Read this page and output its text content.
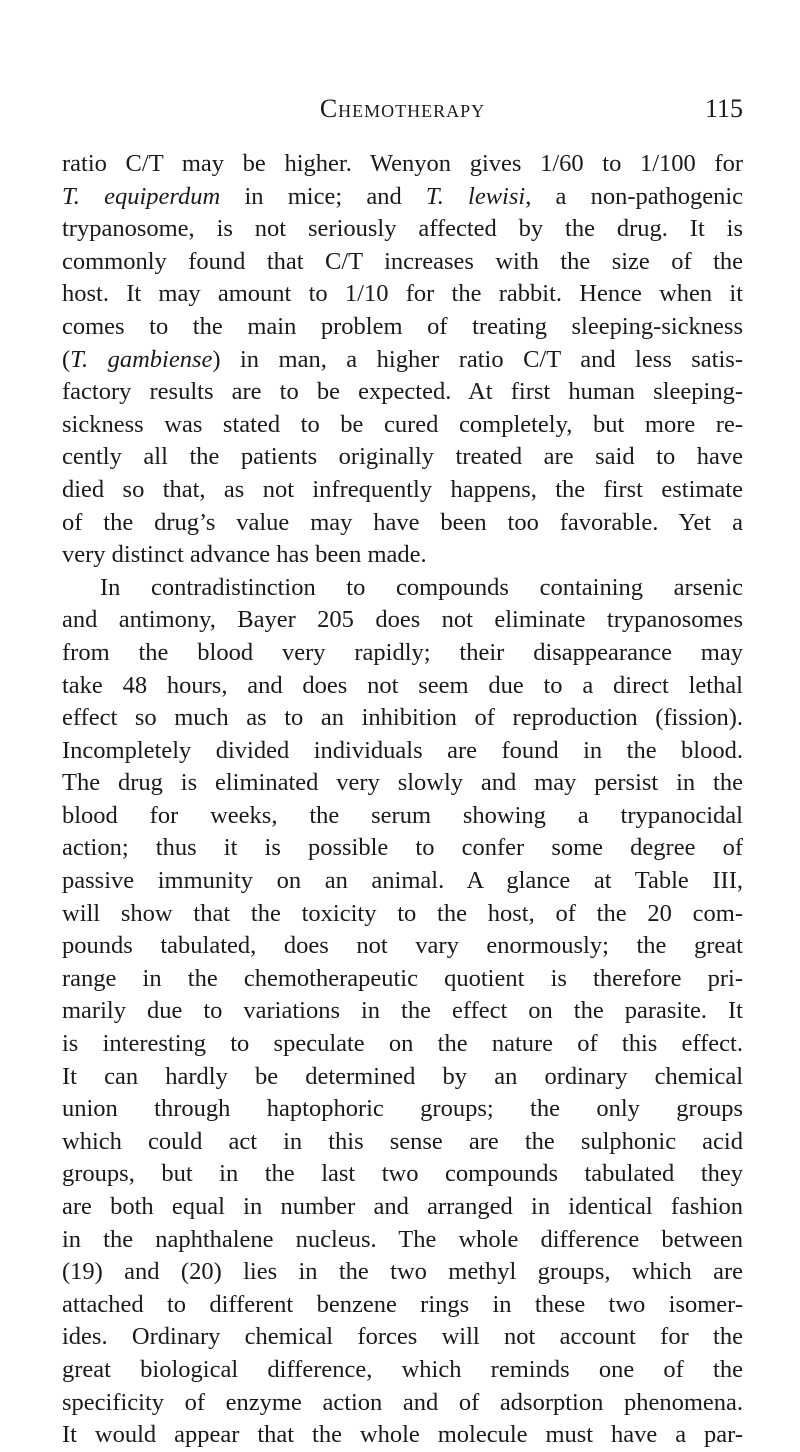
Chemotherapy	115

ratio C/T may be higher. Wenyon gives 1/60 to 1/100 for
T. equiperdum in mice; and T. lewisi, a non-pathogenic
trypanosome, is not seriously affected by the drug. It is
commonly found that C/T increases with the size of the
host. It may amount to 1/10 for the rabbit. Hence when it
comes to the main problem of treating sleeping-sickness
(T. gambiense) in man, a higher ratio C/T and less satis-
factory results are to be expected. At first human sleeping-
sickness was stated to be cured completely, but more re-
cently all the patients originally treated are said to have
died so that, as not infrequently happens, the first estimate
of the drug’s value may have been too favorable. Yet a
very distinct advance has been made.

In contradistinction to compounds containing arsenic
and antimony, Bayer 205 does not eliminate trypanosomes
from the blood very rapidly; their disappearance may
take 48 hours, and does not seem due to a direct lethal
effect so much as to an inhibition of reproduction (fission).
Incompletely divided individuals are found in the blood.
The drug is eliminated very slowly and may persist in the
blood for weeks, the serum showing a trypanocidal
action; thus it is possible to confer some degree of
passive immunity on an animal. A glance at Table III,
will show that the toxicity to the host, of the 20 com-
pounds tabulated, does not vary enormously; the great
range in the chemotherapeutic quotient is therefore pri-
marily due to variations in the effect on the parasite. It
is interesting to speculate on the nature of this effect.
It can hardly be determined by an ordinary chemical
union through haptophoric groups; the only groups
which could act in this sense are the sulphonic acid
groups, but in the last two compounds tabulated they
are both equal in number and arranged in identical fashion
in the naphthalene nucleus. The whole difference between
(19) and (20) lies in the two methyl groups, which are
attached to different benzene rings in these two isomer-
ides. Ordinary chemical forces will not account for the
great biological difference, which reminds one of the
specificity of enzyme action and of adsorption phenomena.
It would appear that the whole molecule must have a par-
